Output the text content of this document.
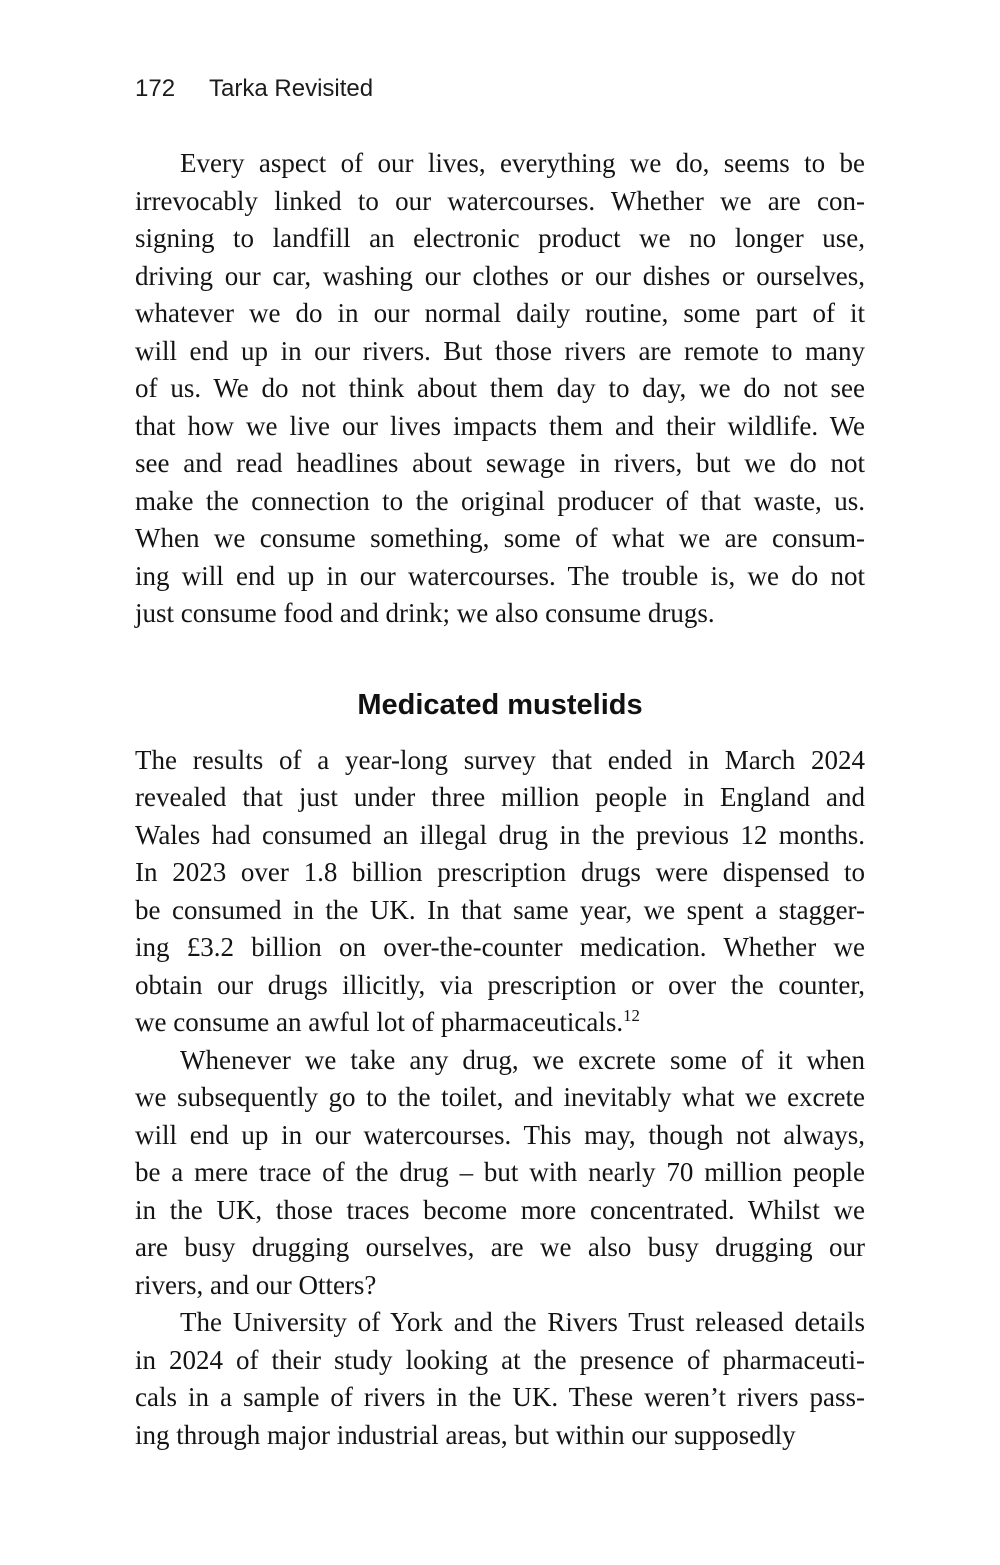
172 Tarka Revisited
Every aspect of our lives, everything we do, seems to be
irrevocably linked to our watercourses. Whether we are con-
signing to landfill an electronic product we no longer use,
driving our car, washing our clothes or our dishes or ourselves,
whatever we do in our normal daily routine, some part of it
will end up in our rivers. But those rivers are remote to many
of us. We do not think about them day to day, we do not see
that how we live our lives impacts them and their wildlife. We
see and read headlines about sewage in rivers, but we do not
make the connection to the original producer of that waste, us.
When we consume something, some of what we are consum-
ing will end up in our watercourses. The trouble is, we do not
just consume food and drink; we also consume drugs.
Medicated mustelids
The results of a year-long survey that ended in March 2024
revealed that just under three million people in England and
Wales had consumed an illegal drug in the previous 12 months.
In 2023 over 1.8 billion prescription drugs were dispensed to
be consumed in the UK. In that same year, we spent a stagger-
ing £3.2 billion on over-the-counter medication. Whether we
obtain our drugs illicitly, via prescription or over the counter,
we consume an awful lot of pharmaceuticals.$^{12}$
Whenever we take any drug, we excrete some of it when
we subsequently go to the toilet, and inevitably what we excrete
will end up in our watercourses. This may, though not always,
be a mere trace of the drug – but with nearly 70 million people
in the UK, those traces become more concentrated. Whilst we
are busy drugging ourselves, are we also busy drugging our
rivers, and our Otters?
The University of York and the Rivers Trust released details
in 2024 of their study looking at the presence of pharmaceuti-
cals in a sample of rivers in the UK. These weren’t rivers pass-
ing through major industrial areas, but within our supposedly
